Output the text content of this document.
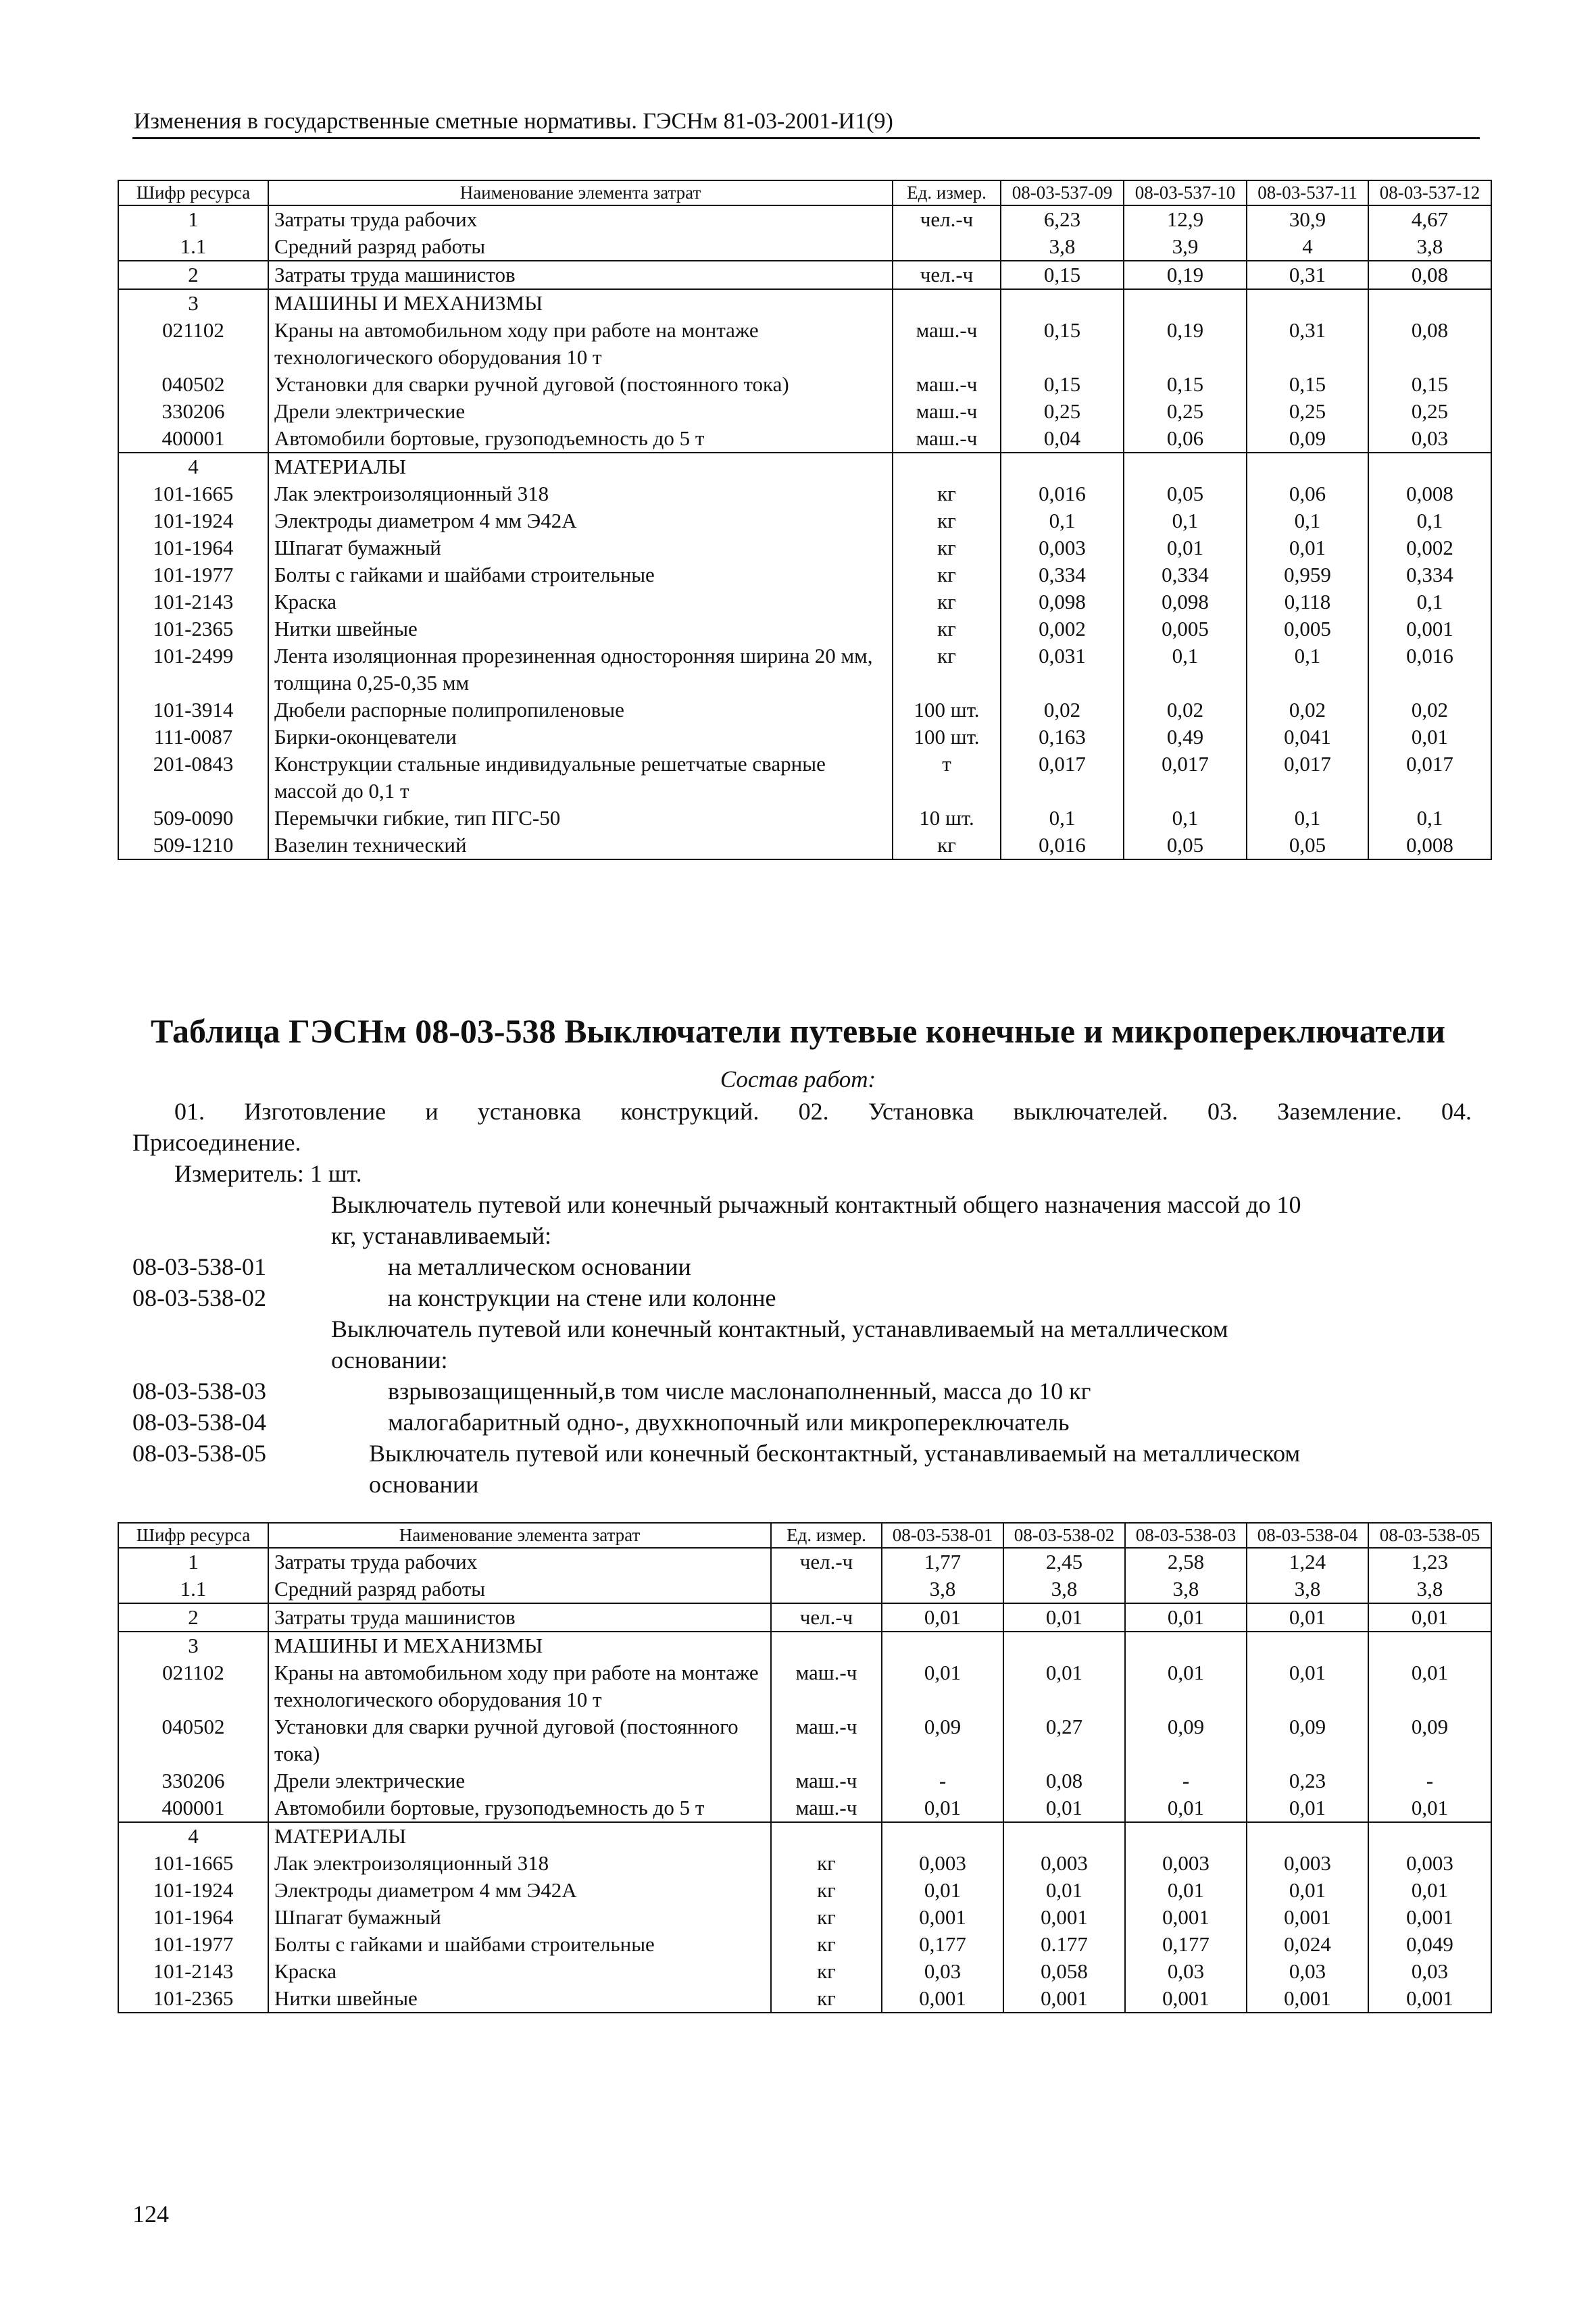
Изменения в государственные сметные нормативы. ГЭСНм 81-03-2001-И1(9)
Шифр ресурса	Наименование элемента затрат	Ед. измер.	08-03-537-09	08-03-537-10	08-03-537-11	08-03-537-12
1	Затраты труда рабочих	чел.-ч	6,23	12,9	30,9	4,67
1.1	Средний разряд работы		3,8	3,9	4	3,8
2	Затраты труда машинистов	чел.-ч	0,15	0,19	0,31	0,08
3	МАШИНЫ И МЕХАНИЗМЫ					
021102	Краны на автомобильном ходу при работе на монтаже технологического оборудования 10 т	маш.-ч	0,15	0,19	0,31	0,08
040502	Установки для сварки ручной дуговой (постоянного тока)	маш.-ч	0,15	0,15	0,15	0,15
330206	Дрели электрические	маш.-ч	0,25	0,25	0,25	0,25
400001	Автомобили бортовые, грузоподъемность до 5 т	маш.-ч	0,04	0,06	0,09	0,03
4	МАТЕРИАЛЫ					
101-1665	Лак электроизоляционный 318	кг	0,016	0,05	0,06	0,008
101-1924	Электроды диаметром 4 мм Э42А	кг	0,1	0,1	0,1	0,1
101-1964	Шпагат бумажный	кг	0,003	0,01	0,01	0,002
101-1977	Болты с гайками и шайбами строительные	кг	0,334	0,334	0,959	0,334
101-2143	Краска	кг	0,098	0,098	0,118	0,1
101-2365	Нитки швейные	кг	0,002	0,005	0,005	0,001
101-2499	Лента изоляционная прорезиненная односторонняя ширина 20 мм, толщина 0,25-0,35 мм	кг	0,031	0,1	0,1	0,016
101-3914	Дюбели распорные полипропиленовые	100 шт.	0,02	0,02	0,02	0,02
111-0087	Бирки-оконцеватели	100 шт.	0,163	0,49	0,041	0,01
201-0843	Конструкции стальные индивидуальные решетчатые сварные массой до 0,1 т	т	0,017	0,017	0,017	0,017
509-0090	Перемычки гибкие, тип ПГС-50	10 шт.	0,1	0,1	0,1	0,1
509-1210	Вазелин технический	кг	0,016	0,05	0,05	0,008
Таблица ГЭСНм 08-03-538 Выключатели путевые конечные и микропереключатели
Состав работ:
01. Изготовление и установка конструкций. 02. Установка выключателей. 03. Заземление. 04.
Присоединение.
Измеритель: 1 шт.
Выключатель путевой или конечный рычажный контактный общего назначения массой до 10
кг, устанавливаемый:
08-03-538-01	на металлическом основании
08-03-538-02	на конструкции на стене или колонне
Выключатель путевой или конечный контактный, устанавливаемый на металлическом
основании:
08-03-538-03	взрывозащищенный,в том числе маслонаполненный, масса до 10 кг
08-03-538-04	малогабаритный одно-, двухкнопочный или микропереключатель
08-03-538-05	Выключатель путевой или конечный бесконтактный, устанавливаемый на металлическом
основании
Шифр ресурса	Наименование элемента затрат	Ед. измер.	08-03-538-01	08-03-538-02	08-03-538-03	08-03-538-04	08-03-538-05
1	Затраты труда рабочих	чел.-ч	1,77	2,45	2,58	1,24	1,23
1.1	Средний разряд работы		3,8	3,8	3,8	3,8	3,8
2	Затраты труда машинистов	чел.-ч	0,01	0,01	0,01	0,01	0,01
3	МАШИНЫ И МЕХАНИЗМЫ						
021102	Краны на автомобильном ходу при работе на монтаже технологического оборудования 10 т	маш.-ч	0,01	0,01	0,01	0,01	0,01
040502	Установки для сварки ручной дуговой (постоянного тока)	маш.-ч	0,09	0,27	0,09	0,09	0,09
330206	Дрели электрические	маш.-ч	-	0,08	-	0,23	-
400001	Автомобили бортовые, грузоподъемность до 5 т	маш.-ч	0,01	0,01	0,01	0,01	0,01
4	МАТЕРИАЛЫ						
101-1665	Лак электроизоляционный 318	кг	0,003	0,003	0,003	0,003	0,003
101-1924	Электроды диаметром 4 мм Э42А	кг	0,01	0,01	0,01	0,01	0,01
101-1964	Шпагат бумажный	кг	0,001	0,001	0,001	0,001	0,001
101-1977	Болты с гайками и шайбами строительные	кг	0,177	0.177	0,177	0,024	0,049
101-2143	Краска	кг	0,03	0,058	0,03	0,03	0,03
101-2365	Нитки швейные	кг	0,001	0,001	0,001	0,001	0,001
124
